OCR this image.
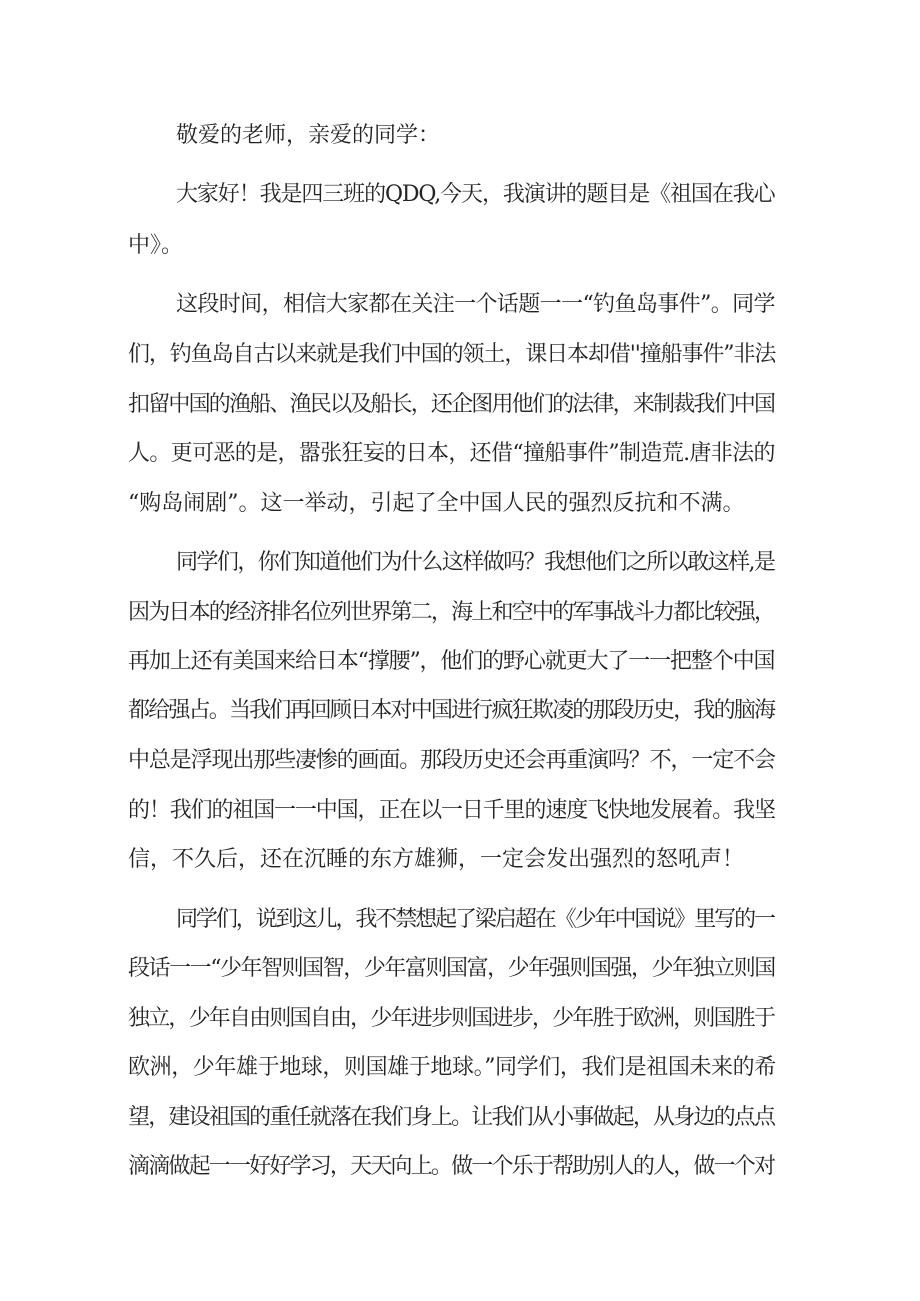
敬爱的老师，亲爱的同学：
大家好！我是四三班的QDQ,今天，我演讲的题目是《祖国在我心
中》。
这段时间，相信大家都在关注一个话题一一“钓鱼岛事件”。同学
们，钓鱼岛自古以来就是我们中国的领土，课日本却借''撞船事件”非法
扣留中国的渔船、渔民以及船长，还企图用他们的法律，来制裁我们中国
人。更可恶的是，嚣张狂妄的日本，还借“撞船事件”制造荒.唐非法的
“购岛闹剧”。这一举动，引起了全中国人民的强烈反抗和不满。
同学们，你们知道他们为什么这样做吗？我想他们之所以敢这样,是
因为日本的经济排名位列世界第二，海上和空中的军事战斗力都比较强，
再加上还有美国来给日本“撑腰”，他们的野心就更大了一一把整个中国
都给强占。当我们再回顾日本对中国进行疯狂欺凌的那段历史，我的脑海
中总是浮现出那些凄惨的画面。那段历史还会再重演吗？不，一定不会
的！我们的祖国一一中国，正在以一日千里的速度飞快地发展着。我坚
信，不久后，还在沉睡的东方雄狮，一定会发出强烈的怒吼声！
同学们，说到这儿，我不禁想起了梁启超在《少年中国说》里写的一
段话一一“少年智则国智，少年富则国富，少年强则国强，少年独立则国
独立，少年自由则国自由，少年进步则国进步，少年胜于欧洲，则国胜于
欧洲，少年雄于地球，则国雄于地球。”同学们，我们是祖国未来的希
望，建设祖国的重任就落在我们身上。让我们从小事做起，从身边的点点
滴滴做起一一好好学习，天天向上。做一个乐于帮助别人的人，做一个对
